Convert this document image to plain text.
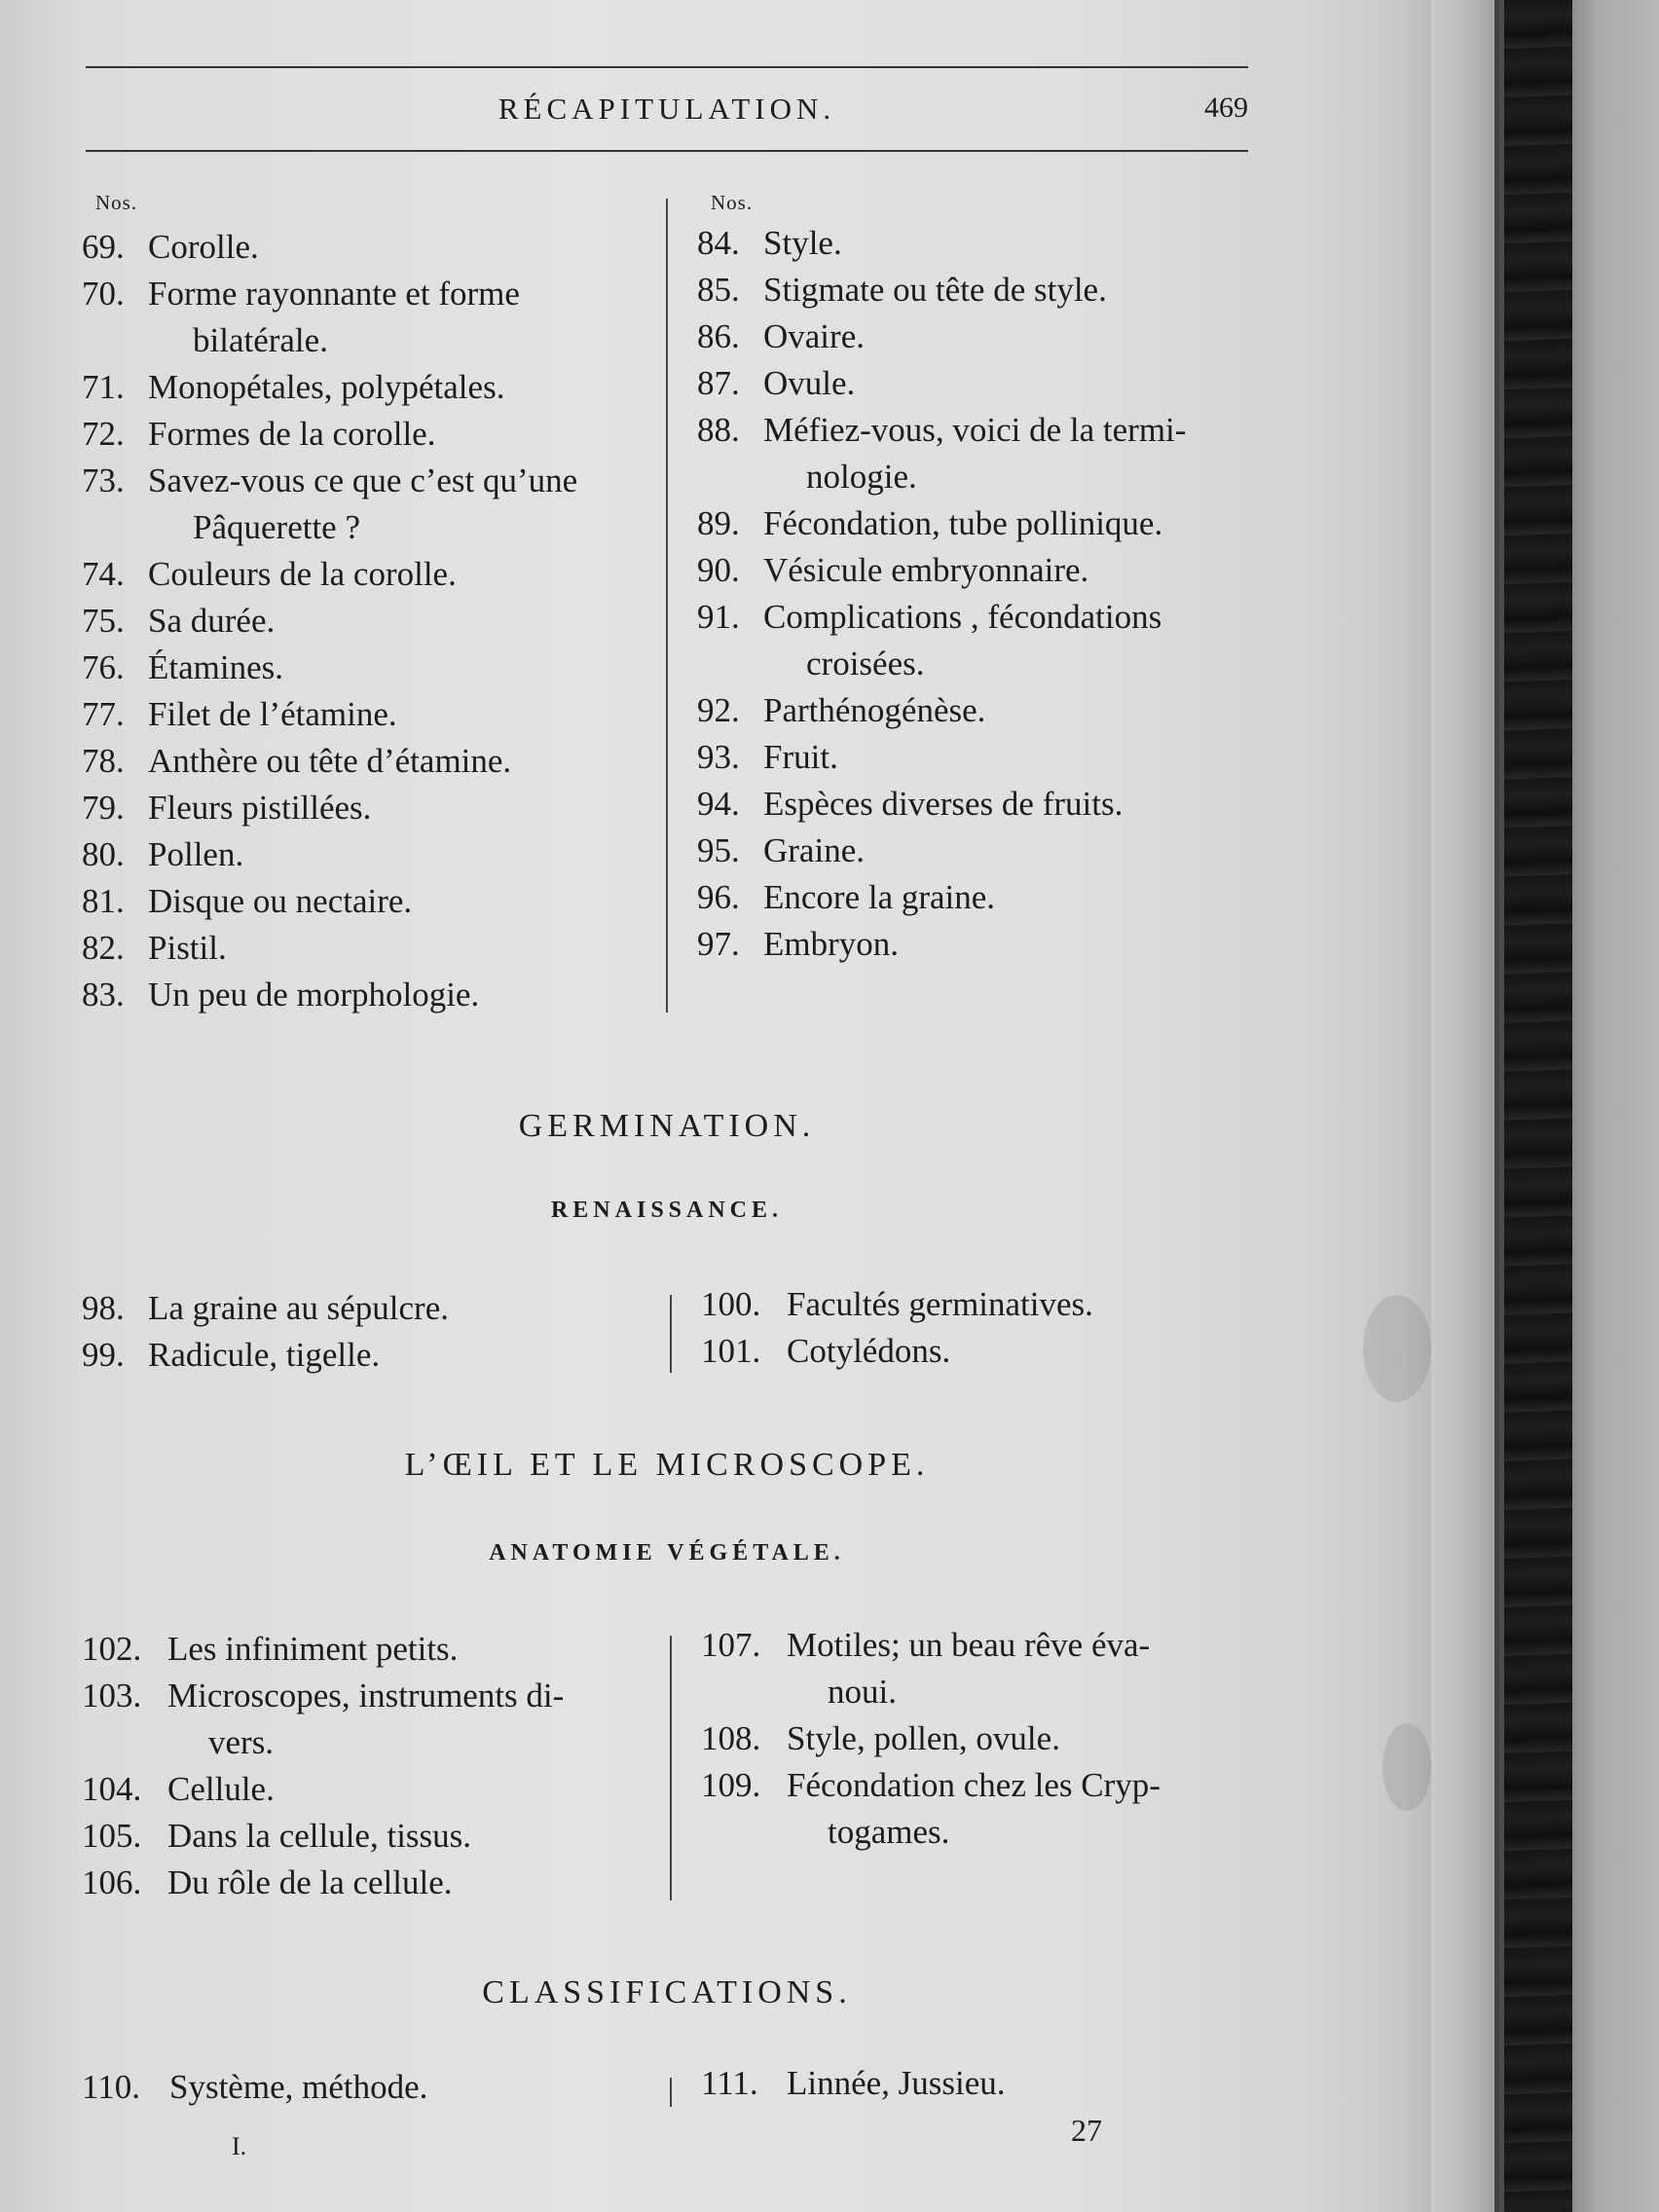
RÉCAPITULATION.	469
Nos.
69. Corolle.
70. Forme rayonnante et forme
bilatérale.
71. Monopétales, polypétales.
72. Formes de la corolle.
73. Savez-vous ce que c’est qu’une
Pâquerette ?
74. Couleurs de la corolle.
75. Sa durée.
76. Étamines.
77. Filet de l’étamine.
78. Anthère ou tête d’étamine.
79. Fleurs pistillées.
80. Pollen.
81. Disque ou nectaire.
82. Pistil.
83. Un peu de morphologie.
Nos.
84. Style.
85. Stigmate ou tête de style.
86. Ovaire.
87. Ovule.
88. Méfiez-vous, voici de la termi-
nologie.
89. Fécondation, tube pollinique.
90. Vésicule embryonnaire.
91. Complications , fécondations
croisées.
92. Parthénogénèse.
93. Fruit.
94. Espèces diverses de fruits.
95. Graine.
96. Encore la graine.
97. Embryon.
GERMINATION.
RENAISSANCE.
98. La graine au sépulcre.
99. Radicule, tigelle.
100. Facultés germinatives.
101. Cotylédons.
L’ŒIL ET LE MICROSCOPE.
ANATOMIE VÉGÉTALE.
102. Les infiniment petits.
103. Microscopes, instruments di-
vers.
104. Cellule.
105. Dans la cellule, tissus.
106. Du rôle de la cellule.
107. Motiles; un beau rêve éva-
noui.
108. Style, pollen, ovule.
109. Fécondation chez les Cryp-
togames.
CLASSIFICATIONS.
110. Système, méthode.	111. Linnée, Jussieu.
I.	27
